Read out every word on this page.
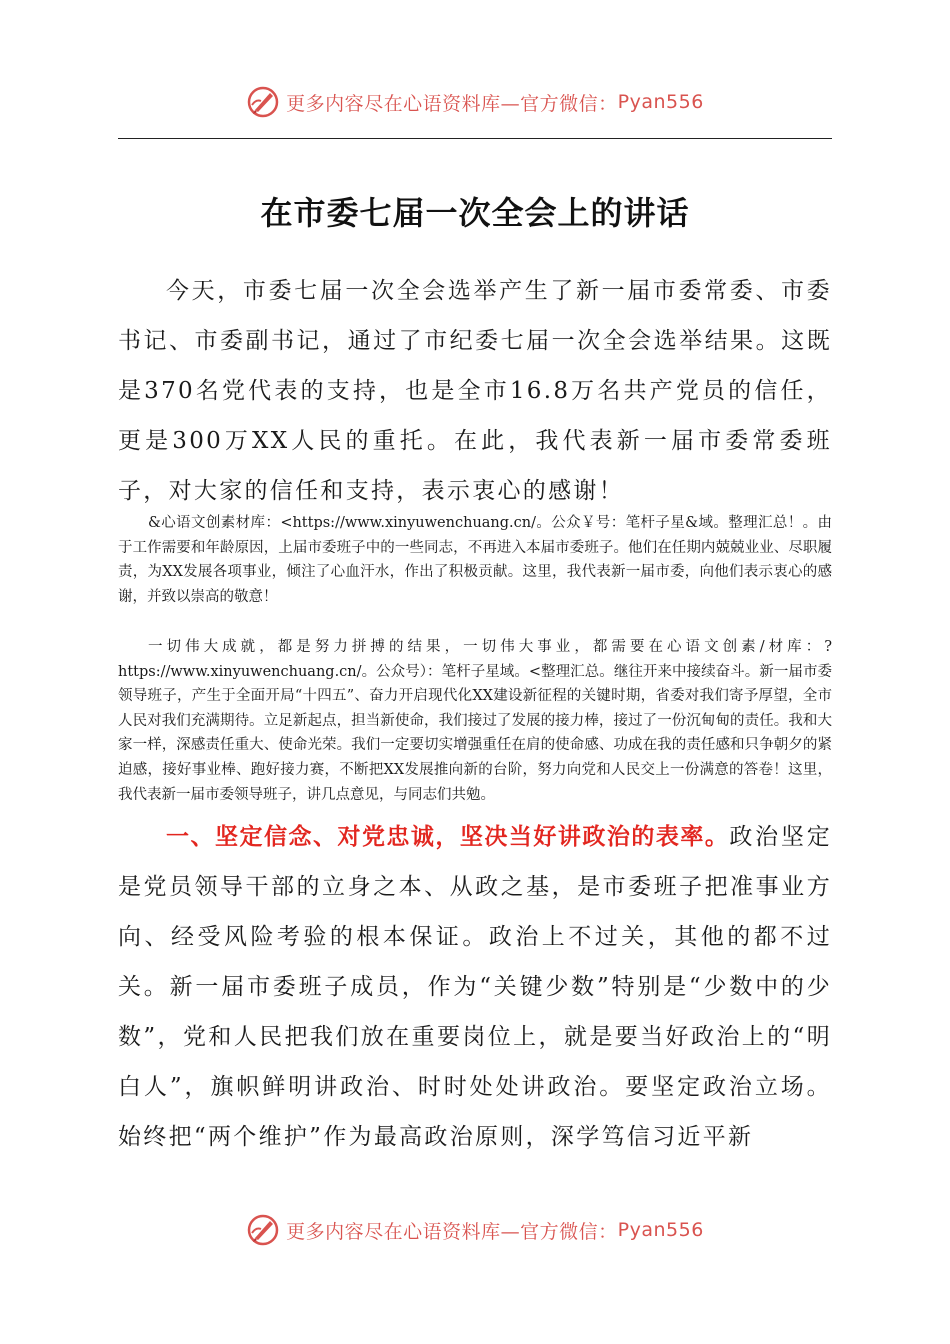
更多内容尽在心语资料库—官方微信： Pyan556
在市委七届一次全会上的讲话

今天，市委七届一次全会选举产生了新一届市委常委、市委书记、市委副书记，通过了市纪委七届一次全会选举结果。这既是370名党代表的支持，也是全市16.8万名共产党员的信任，更是300万XX人民的重托。在此，我代表新一届市委常委班子，对大家的信任和支持，表示衷心的感谢！

&心语文创素材库：<https://www.xinyuwenchuang.cn/。公众￥号：笔杆子星&域。整理汇总！。由于工作需要和年龄原因，上届市委班子中的一些同志，不再进入本届市委班子。他们在任期内兢兢业业、尽职履责，为XX发展各项事业，倾注了心血汗水，作出了积极贡献。这里，我代表新一届市委，向他们表示衷心的感谢，并致以崇高的敬意！

一切伟大成就，都是努力拼搏的结果，一切伟大事业，都需要在心语文创素/材库：?https://www.xinyuwenchuang.cn/。公众号）：笔杆子星域。<整理汇总。继往开来中接续奋斗。新一届市委领导班子，产生于全面开局“十四五”、奋力开启现代化XX建设新征程的关键时期，省委对我们寄予厚望，全市人民对我们充满期待。立足新起点，担当新使命，我们接过了发展的接力棒，接过了一份沉甸甸的责任。我和大家一样，深感责任重大、使命光荣。我们一定要切实增强重任在肩的使命感、功成在我的责任感和只争朝夕的紧迫感，接好事业棒、跑好接力赛，不断把XX发展推向新的台阶，努力向党和人民交上一份满意的答卷！这里，我代表新一届市委领导班子，讲几点意见，与同志们共勉。

一、坚定信念、对党忠诚，坚决当好讲政治的表率。政治坚定是党员领导干部的立身之本、从政之基，是市委班子把准事业方向、经受风险考验的根本保证。政治上不过关，其他的都不过关。新一届市委班子成员，作为“关键少数”特别是“少数中的少数”，党和人民把我们放在重要岗位上，就是要当好政治上的“明白人”，旗帜鲜明讲政治、时时处处讲政治。要坚定政治立场。始终把“两个维护”作为最高政治原则，深学笃信习近平新

更多内容尽在心语资料库—官方微信： Pyan556
